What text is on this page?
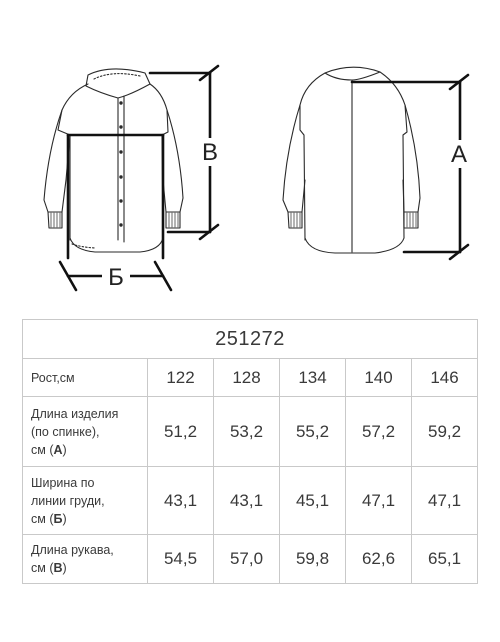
В	А
Б
251272					
Рост,см	122	128	134	140	146
Длина изделия
(по спинке),
см (А)	51,2	53,2	55,2	57,2	59,2
Ширина по
линии груди,
см (Б)	43,1	43,1	45,1	47,1	47,1
Длина рукава,
см (В)	54,5	57,0	59,8	62,6	65,1
